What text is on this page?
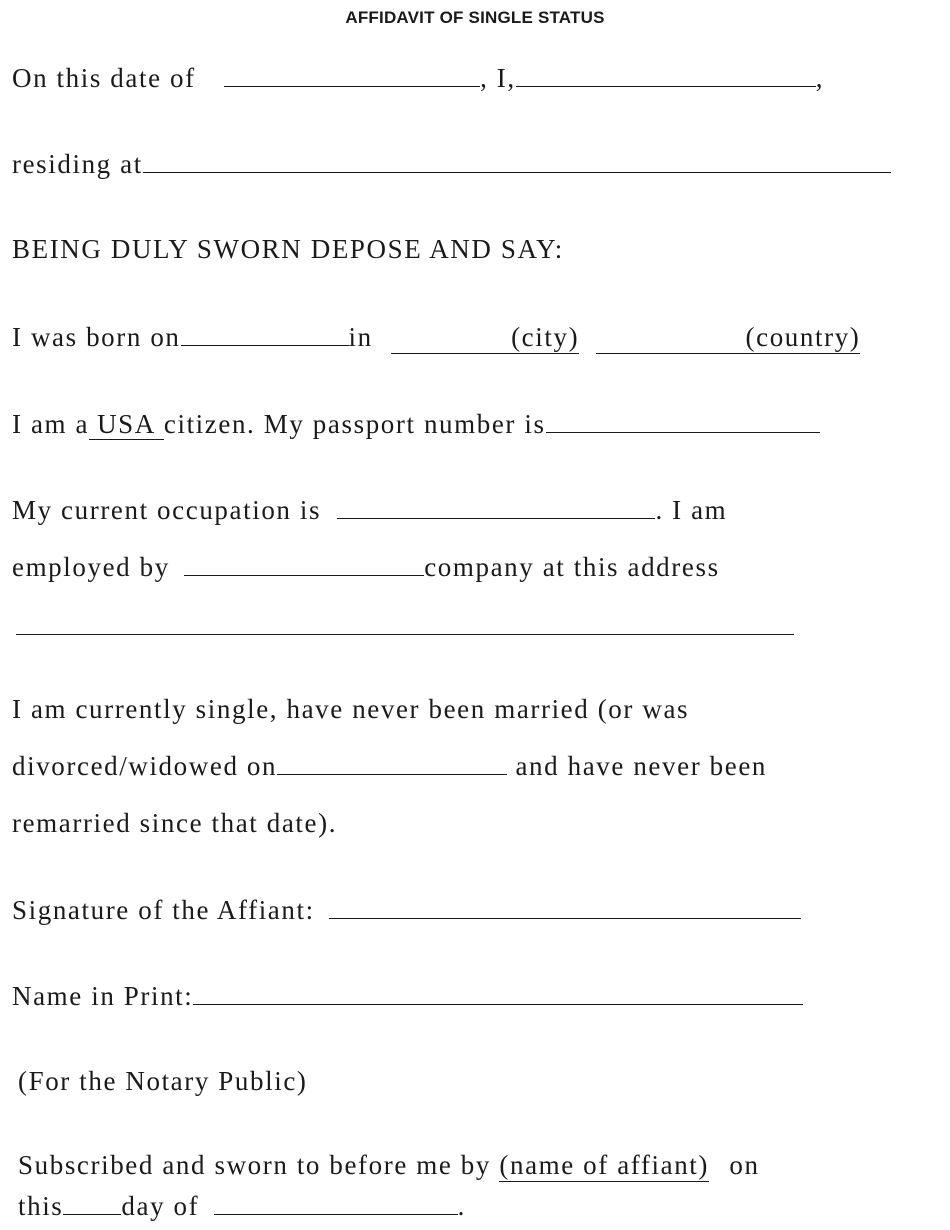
AFFIDAVIT OF SINGLE STATUS
On this date of	, I,	,
residing at
BEING DULY SWORN DEPOSE AND SAY:
I was born on	in	(city)	(country)
I am a USA citizen. My passport number is
My current occupation is	. I am
employed by	company at this address
I am currently single, have never been married (or was
divorced/widowed on	and have never been
remarried since that date).
Signature of the Affiant:
Name in Print:
(For the Notary Public)
Subscribed and sworn to before me by (name of affiant) on
this day of	.
